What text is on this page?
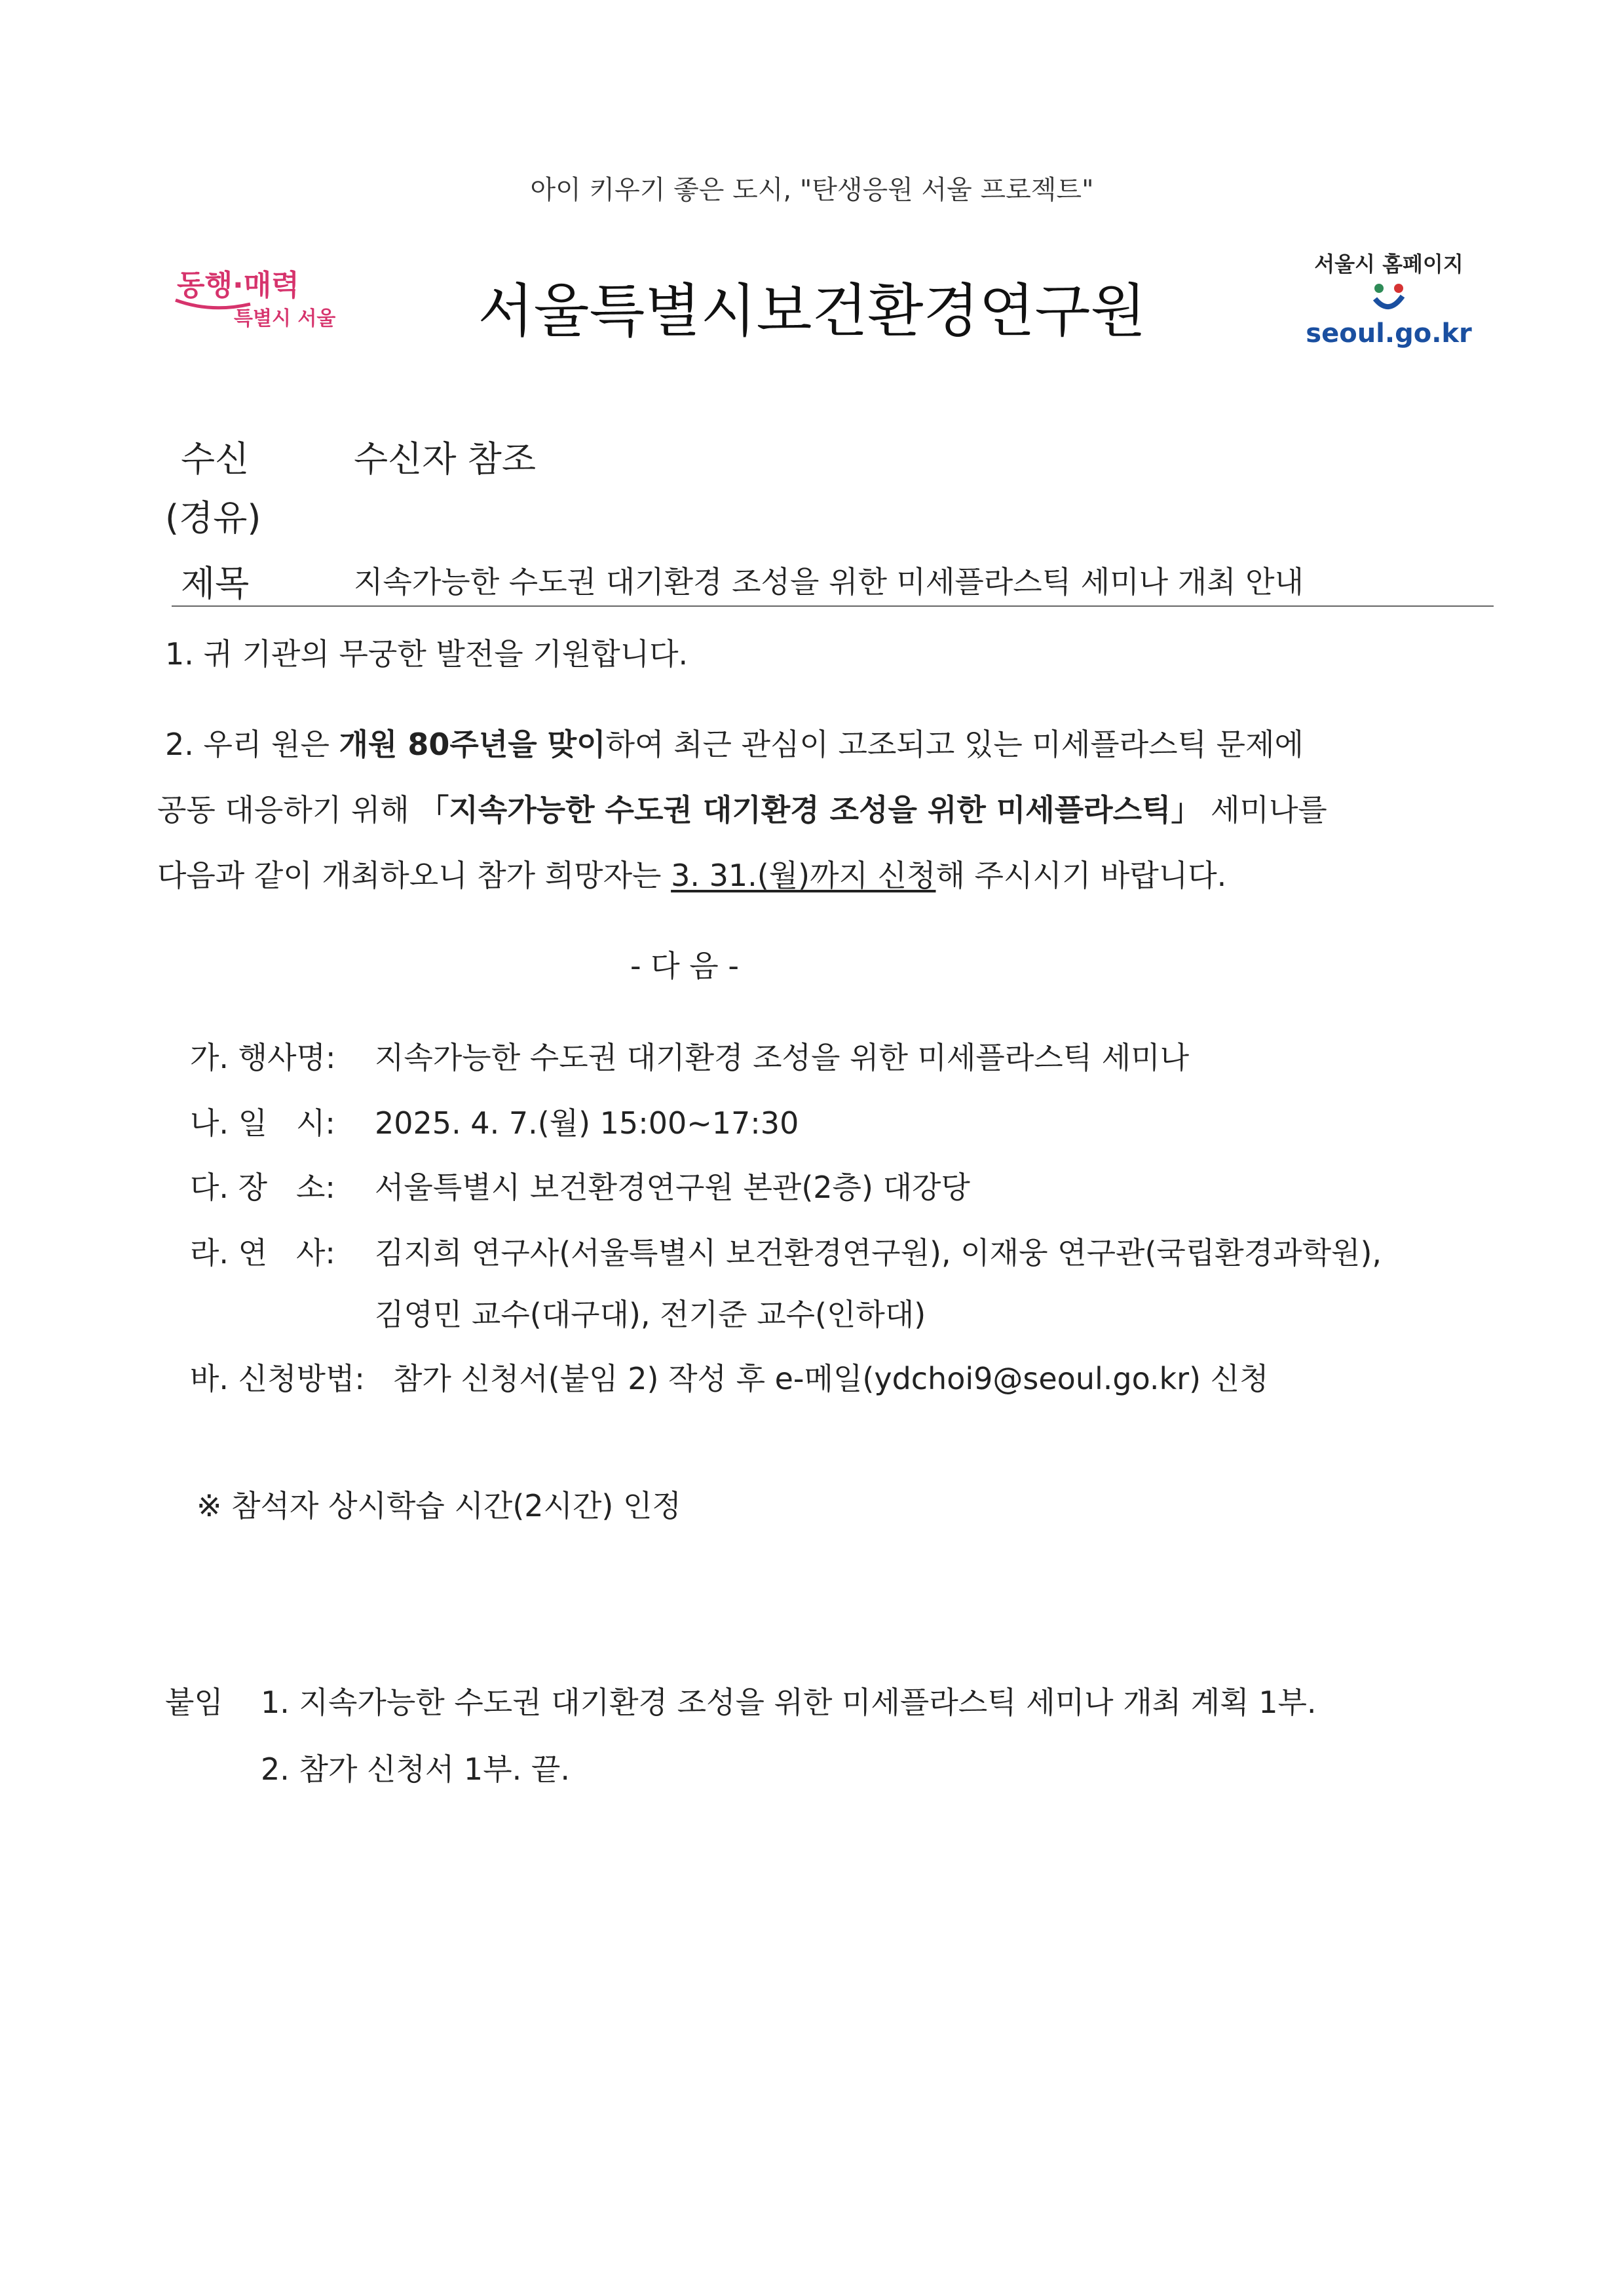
아이 키우기 좋은 도시, "탄생응원 서울 프로젝트"
동행·매력
특별시 서울	서울특별시보건환경연구원
서울시 홈페이지
seoul.go.kr
수신	수신자 참조
(경유)
제목	지속가능한 수도권 대기환경 조성을 위한 미세플라스틱 세미나 개최 안내
1. 귀 기관의 무궁한 발전을 기원합니다.
2. 우리 원은 개원 80주년을 맞이하여 최근 관심이 고조되고 있는 미세플라스틱 문제에
공동 대응하기 위해 「지속가능한 수도권 대기환경 조성을 위한 미세플라스틱」 세미나를
다음과 같이 개최하오니 참가 희망자는 3. 31.(월)까지 신청해 주시시기 바랍니다.
- 다 음 -
가. 행사명: 지속가능한 수도권 대기환경 조성을 위한 미세플라스틱 세미나
나. 일   시: 2025. 4. 7.(월) 15:00~17:30
다. 장   소: 서울특별시 보건환경연구원 본관(2층) 대강당
라. 연   사: 김지희 연구사(서울특별시 보건환경연구원), 이재웅 연구관(국립환경과학원),
김영민 교수(대구대), 전기준 교수(인하대)
바. 신청방법: 참가 신청서(붙임 2) 작성 후 e-메일(ydchoi9@seoul.go.kr) 신청
※ 참석자 상시학습 시간(2시간) 인정
붙임 1. 지속가능한 수도권 대기환경 조성을 위한 미세플라스틱 세미나 개최 계획 1부.
2. 참가 신청서 1부. 끝.
